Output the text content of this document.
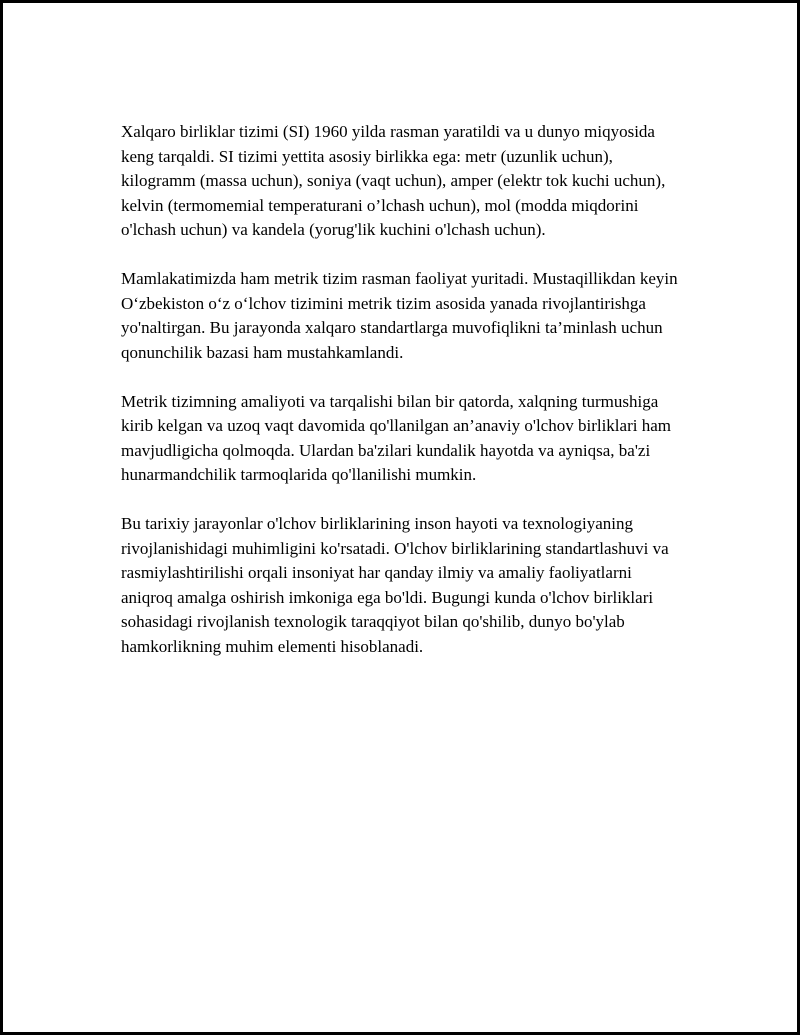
Xalqaro birliklar tizimi (SI) 1960 yilda rasman yaratildi va u dunyo miqyosida keng tarqaldi. SI tizimi yettita asosiy birlikka ega: metr (uzunlik uchun), kilogramm (massa uchun), soniya (vaqt uchun), amper (elektr tok kuchi uchun), kelvin (termomemial temperaturani o’lchash uchun), mol (modda miqdorini o'lchash uchun) va kandela (yorug'lik kuchini o'lchash uchun).

Mamlakatimizda ham metrik tizim rasman faoliyat yuritadi. Mustaqillikdan keyin O‘zbekiston o‘z o‘lchov tizimini metrik tizim asosida yanada rivojlantirishga yo'naltirgan. Bu jarayonda xalqaro standartlarga muvofiqlikni ta’minlash uchun qonunchilik bazasi ham mustahkamlandi.

Metrik tizimning amaliyoti va tarqalishi bilan bir qatorda, xalqning turmushiga kirib kelgan va uzoq vaqt davomida qo'llanilgan an’anaviy o'lchov birliklari ham mavjudligicha qolmoqda. Ulardan ba'zilari kundalik hayotda va ayniqsa, ba'zi hunarmandchilik tarmoqlarida qo'llanilishi mumkin.

Bu tarixiy jarayonlar o'lchov birliklarining inson hayoti va texnologiyaning rivojlanishidagi muhimligini ko'rsatadi. O'lchov birliklarining standartlashuvi va rasmiylashtirilishi orqali insoniyat har qanday ilmiy va amaliy faoliyatlarni aniqroq amalga oshirish imkoniga ega bo'ldi. Bugungi kunda o'lchov birliklari sohasidagi rivojlanish texnologik taraqqiyot bilan qo'shilib, dunyo bo'ylab hamkorlikning muhim elementi hisoblanadi.
